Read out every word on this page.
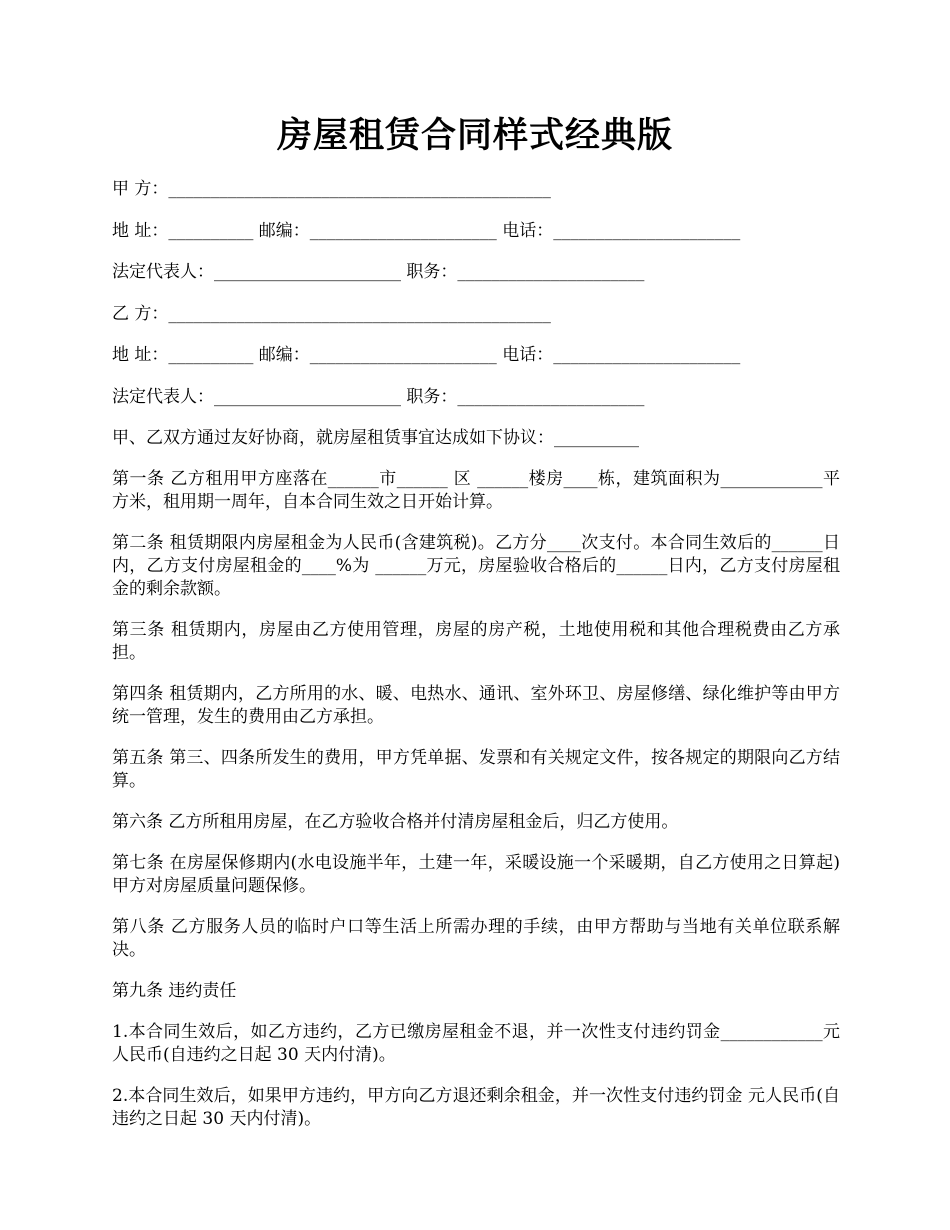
房屋租赁合同样式经典版
甲 方：_____________________________________________
地 址：__________ 邮编：______________________ 电话：______________________
法定代表人：______________________ 职务：______________________
乙 方：_____________________________________________
地 址：__________ 邮编：______________________ 电话：______________________
法定代表人：______________________ 职务：______________________

甲、乙双方通过友好协商，就房屋租赁事宜达成如下协议：__________

第一条 乙方租用甲方座落在______市______ 区 ______楼房____栋，建筑面积为____________平方米，租用期一周年，自本合同生效之日开始计算。

第二条 租赁期限内房屋租金为人民币(含建筑税)。乙方分____次支付。本合同生效后的______日内，乙方支付房屋租金的____%为 ______万元，房屋验收合格后的______日内，乙方支付房屋租金的剩余款额。

第三条 租赁期内，房屋由乙方使用管理，房屋的房产税，土地使用税和其他合理税费由乙方承担。

第四条 租赁期内，乙方所用的水、暖、电热水、通讯、室外环卫、房屋修缮、绿化维护等由甲方统一管理，发生的费用由乙方承担。

第五条 第三、四条所发生的费用，甲方凭单据、发票和有关规定文件，按各规定的期限向乙方结算。

第六条 乙方所租用房屋，在乙方验收合格并付清房屋租金后，归乙方使用。

第七条 在房屋保修期内(水电设施半年，土建一年，采暖设施一个采暖期，自乙方使用之日算起)甲方对房屋质量问题保修。

第八条 乙方服务人员的临时户口等生活上所需办理的手续，由甲方帮助与当地有关单位联系解决。

第九条 违约责任

1.本合同生效后，如乙方违约，乙方已缴房屋租金不退，并一次性支付违约罚金____________元人民币(自违约之日起 30 天内付清)。

2.本合同生效后，如果甲方违约，甲方向乙方退还剩余租金，并一次性支付违约罚金 元人民币(自违约之日起 30 天内付清)。
